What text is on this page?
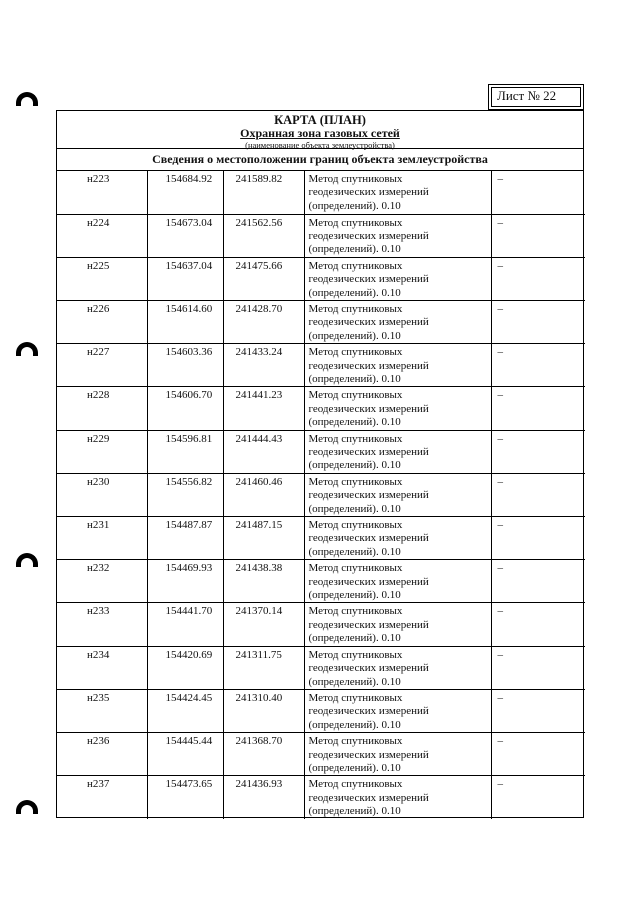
Лист № 22
КАРТА (ПЛАН)
Охранная зона газовых сетей
(наименование объекта землеустройства)
Сведения о местоположении границ объекта землеустройства
н223	154684.92	241589.82	Метод спутниковых
геодезических измерений
(определений). 0.10	–

н224	154673.04	241562.56	Метод спутниковых
геодезических измерений
(определений). 0.10	–

н225	154637.04	241475.66	Метод спутниковых
геодезических измерений
(определений). 0.10	–

н226	154614.60	241428.70	Метод спутниковых
геодезических измерений
(определений). 0.10	–

н227	154603.36	241433.24	Метод спутниковых
геодезических измерений
(определений). 0.10	–

н228	154606.70	241441.23	Метод спутниковых
геодезических измерений
(определений). 0.10	–

н229	154596.81	241444.43	Метод спутниковых
геодезических измерений
(определений). 0.10	–

н230	154556.82	241460.46	Метод спутниковых
геодезических измерений
(определений). 0.10	–

н231	154487.87	241487.15	Метод спутниковых
геодезических измерений
(определений). 0.10	–

н232	154469.93	241438.38	Метод спутниковых
геодезических измерений
(определений). 0.10	–

н233	154441.70	241370.14	Метод спутниковых
геодезических измерений
(определений). 0.10	–

н234	154420.69	241311.75	Метод спутниковых
геодезических измерений
(определений). 0.10	–

н235	154424.45	241310.40	Метод спутниковых
геодезических измерений
(определений). 0.10	–

н236	154445.44	241368.70	Метод спутниковых
геодезических измерений
(определений). 0.10	–

н237	154473.65	241436.93	Метод спутниковых
геодезических измерений
(определений). 0.10	–
